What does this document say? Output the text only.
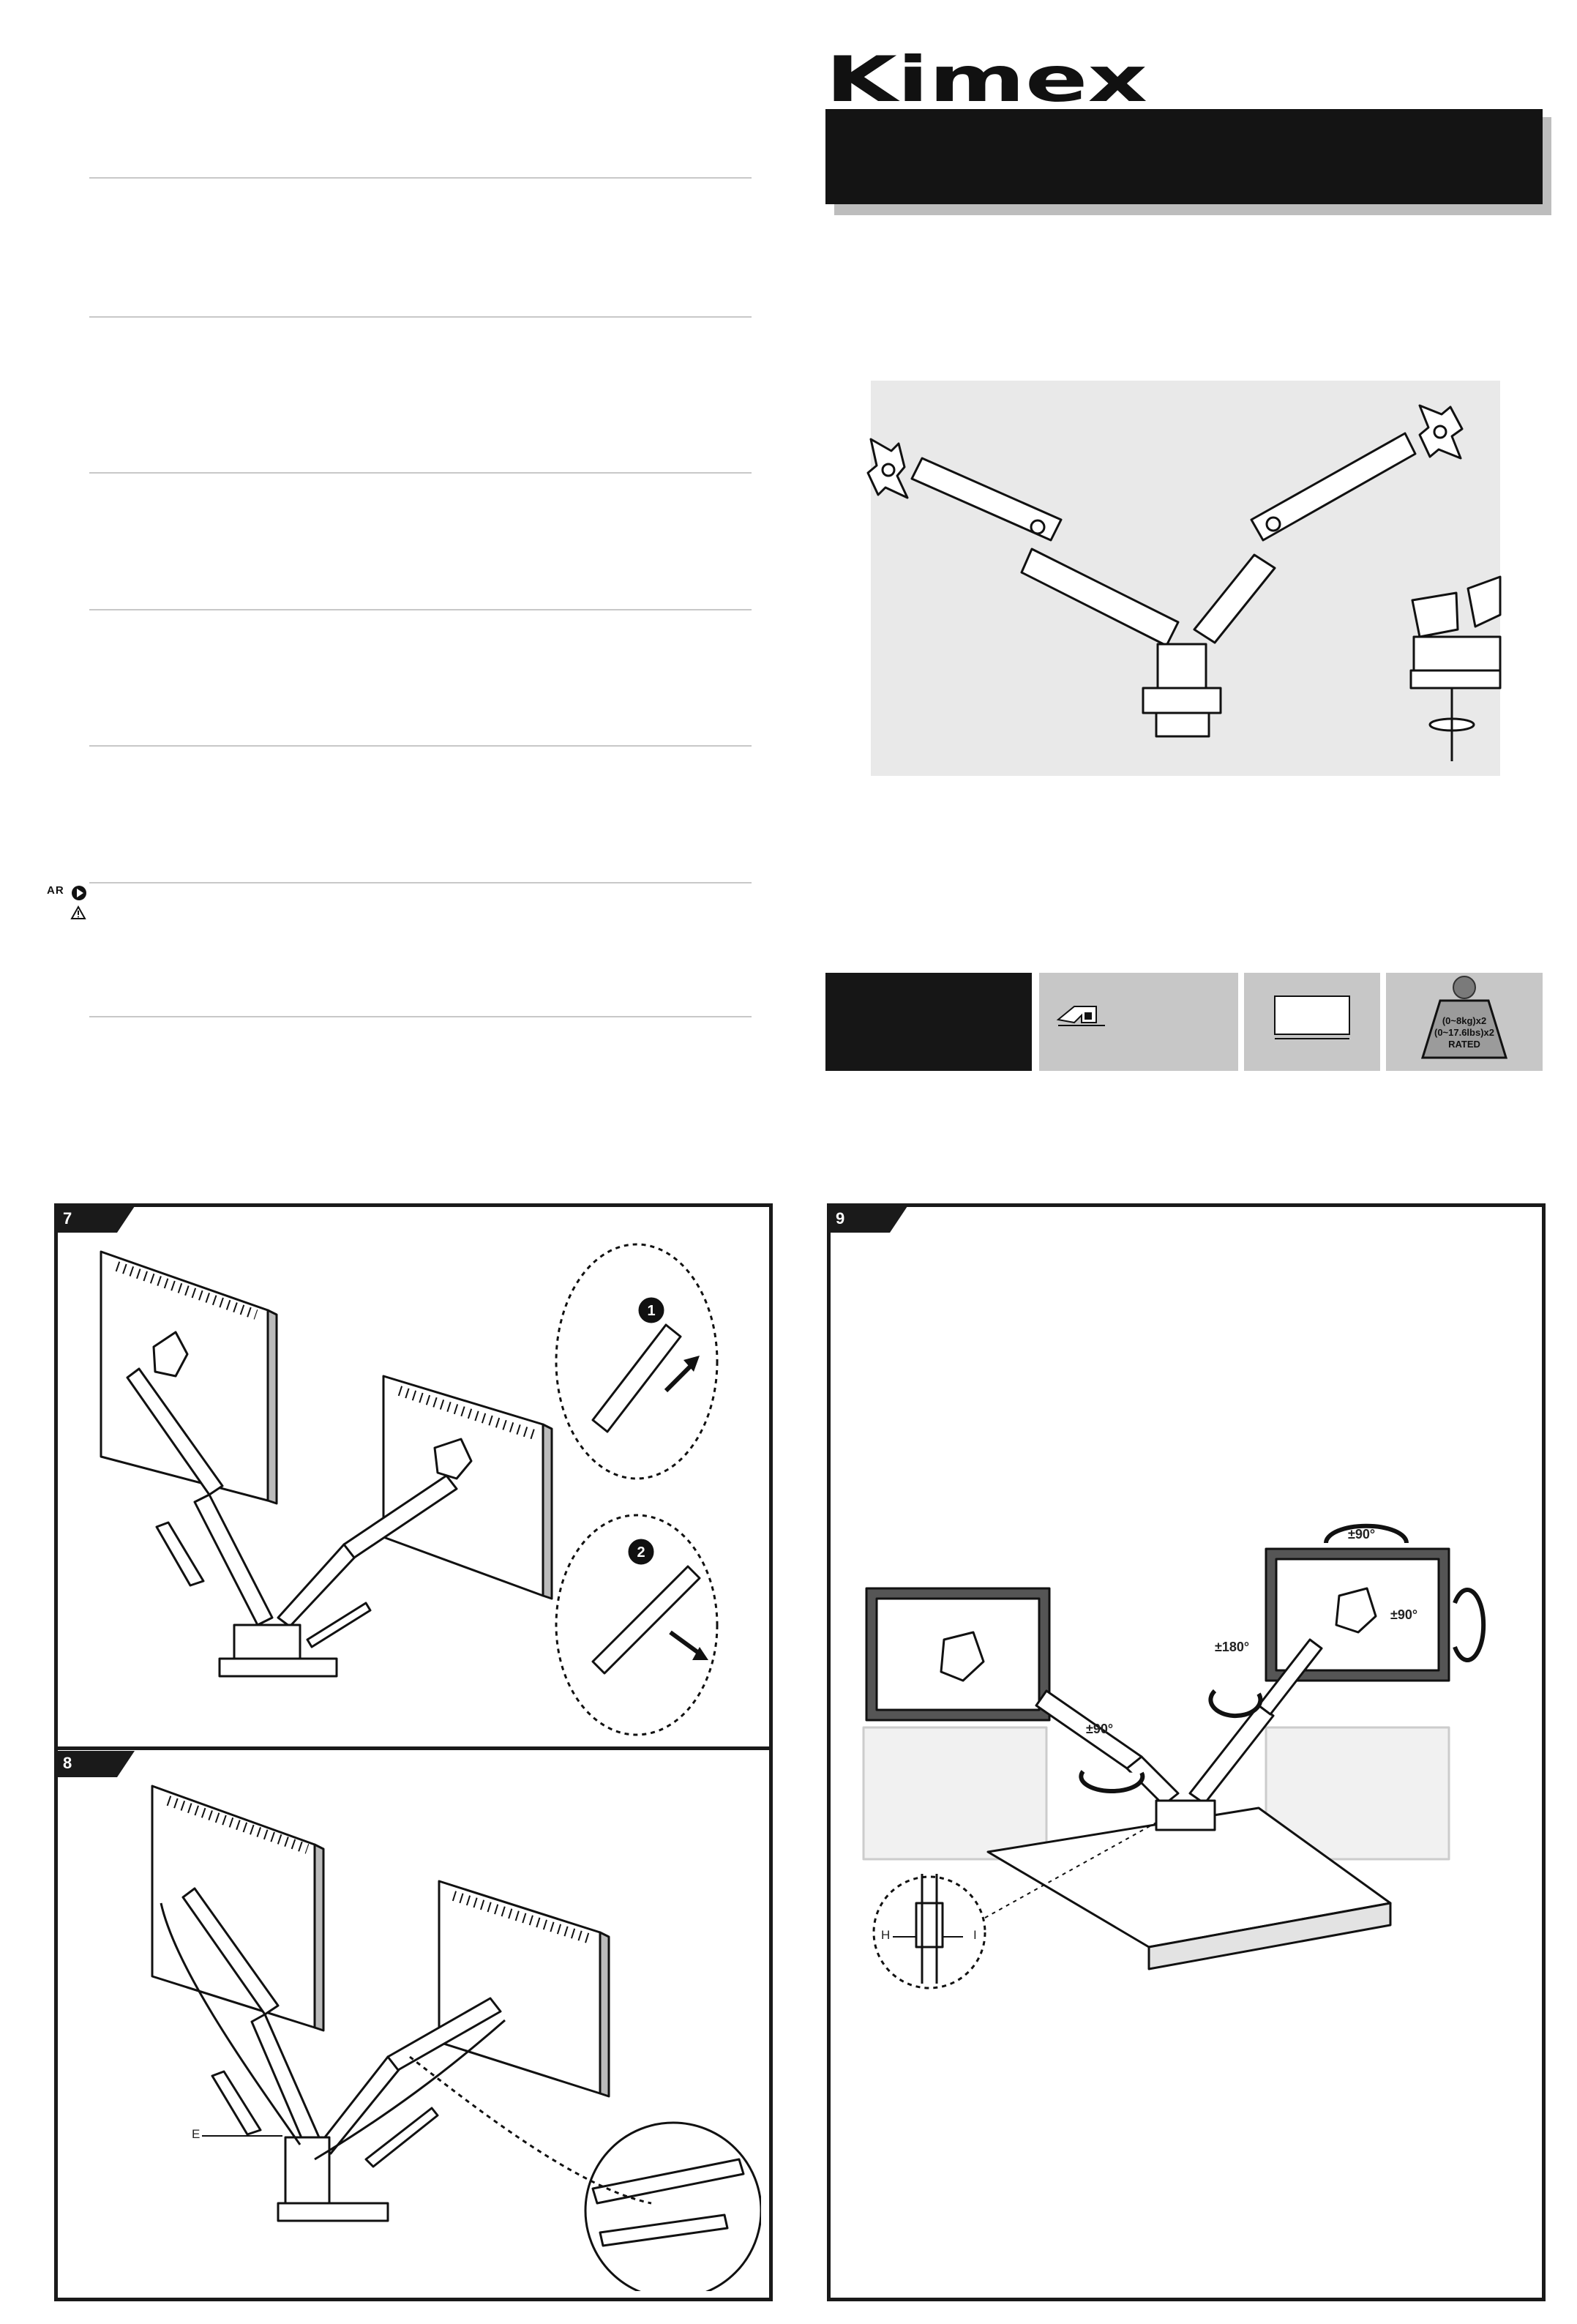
AR
Kimex
(0~8kg)x2
(0~17.6lbs)x2
RATED
7
1
2
8
E
9
±90°
±90°
±180°
±90°
H	I
